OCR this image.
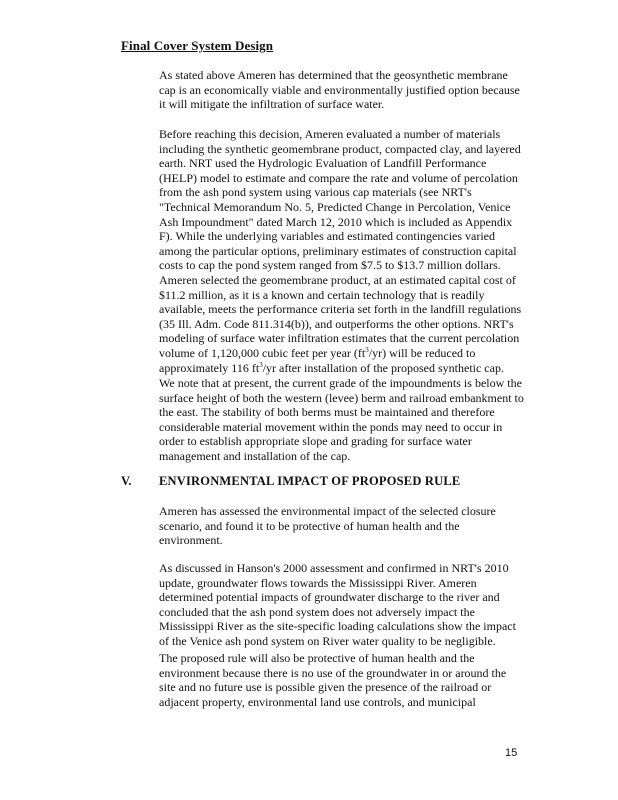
Final Cover System Design

As stated above Ameren has determined that the geosynthetic membrane
cap is an economically viable and environmentally justified option because
it will mitigate the infiltration of surface water.

Before reaching this decision, Ameren evaluated a number of materials
including the synthetic geomembrane product, compacted clay, and layered
earth. NRT used the Hydrologic Evaluation of Landfill Performance
(HELP) model to estimate and compare the rate and volume of percolation
from the ash pond system using various cap materials (see NRT's
"Technical Memorandum No. 5, Predicted Change in Percolation, Venice
Ash Impoundment" dated March 12, 2010 which is included as Appendix
F). While the underlying variables and estimated contingencies varied
among the particular options, preliminary estimates of construction capital
costs to cap the pond system ranged from $7.5 to $13.7 million dollars.
Ameren selected the geomembrane product, at an estimated capital cost of
$11.2 million, as it is a known and certain technology that is readily
available, meets the performance criteria set forth in the landfill regulations
(35 Ill. Adm. Code 811.314(b)), and outperforms the other options. NRT's
modeling of surface water infiltration estimates that the current percolation
volume of 1,120,000 cubic feet per year $(ft^3/yr)$ will be reduced to
approximately 116 $ft^3/yr$ after installation of the proposed synthetic cap.

We note that at present, the current grade of the impoundments is below the
surface height of both the western (levee) berm and railroad embankment to
the east. The stability of both berms must be maintained and therefore
considerable material movement within the ponds may need to occur in
order to establish appropriate slope and grading for surface water
management and installation of the cap.

V. ENVIRONMENTAL IMPACT OF PROPOSED RULE

Ameren has assessed the environmental impact of the selected closure
scenario, and found it to be protective of human health and the
environment.

As discussed in Hanson's 2000 assessment and confirmed in NRT's 2010
update, groundwater flows towards the Mississippi River. Ameren
determined potential impacts of groundwater discharge to the river and
concluded that the ash pond system does not adversely impact the
Mississippi River as the site-specific loading calculations show the impact
of the Venice ash pond system on River water quality to be negligible.

The proposed rule will also be protective of human health and the
environment because there is no use of the groundwater in or around the
site and no future use is possible given the presence of the railroad or
adjacent property, environmental land use controls, and municipal

15
